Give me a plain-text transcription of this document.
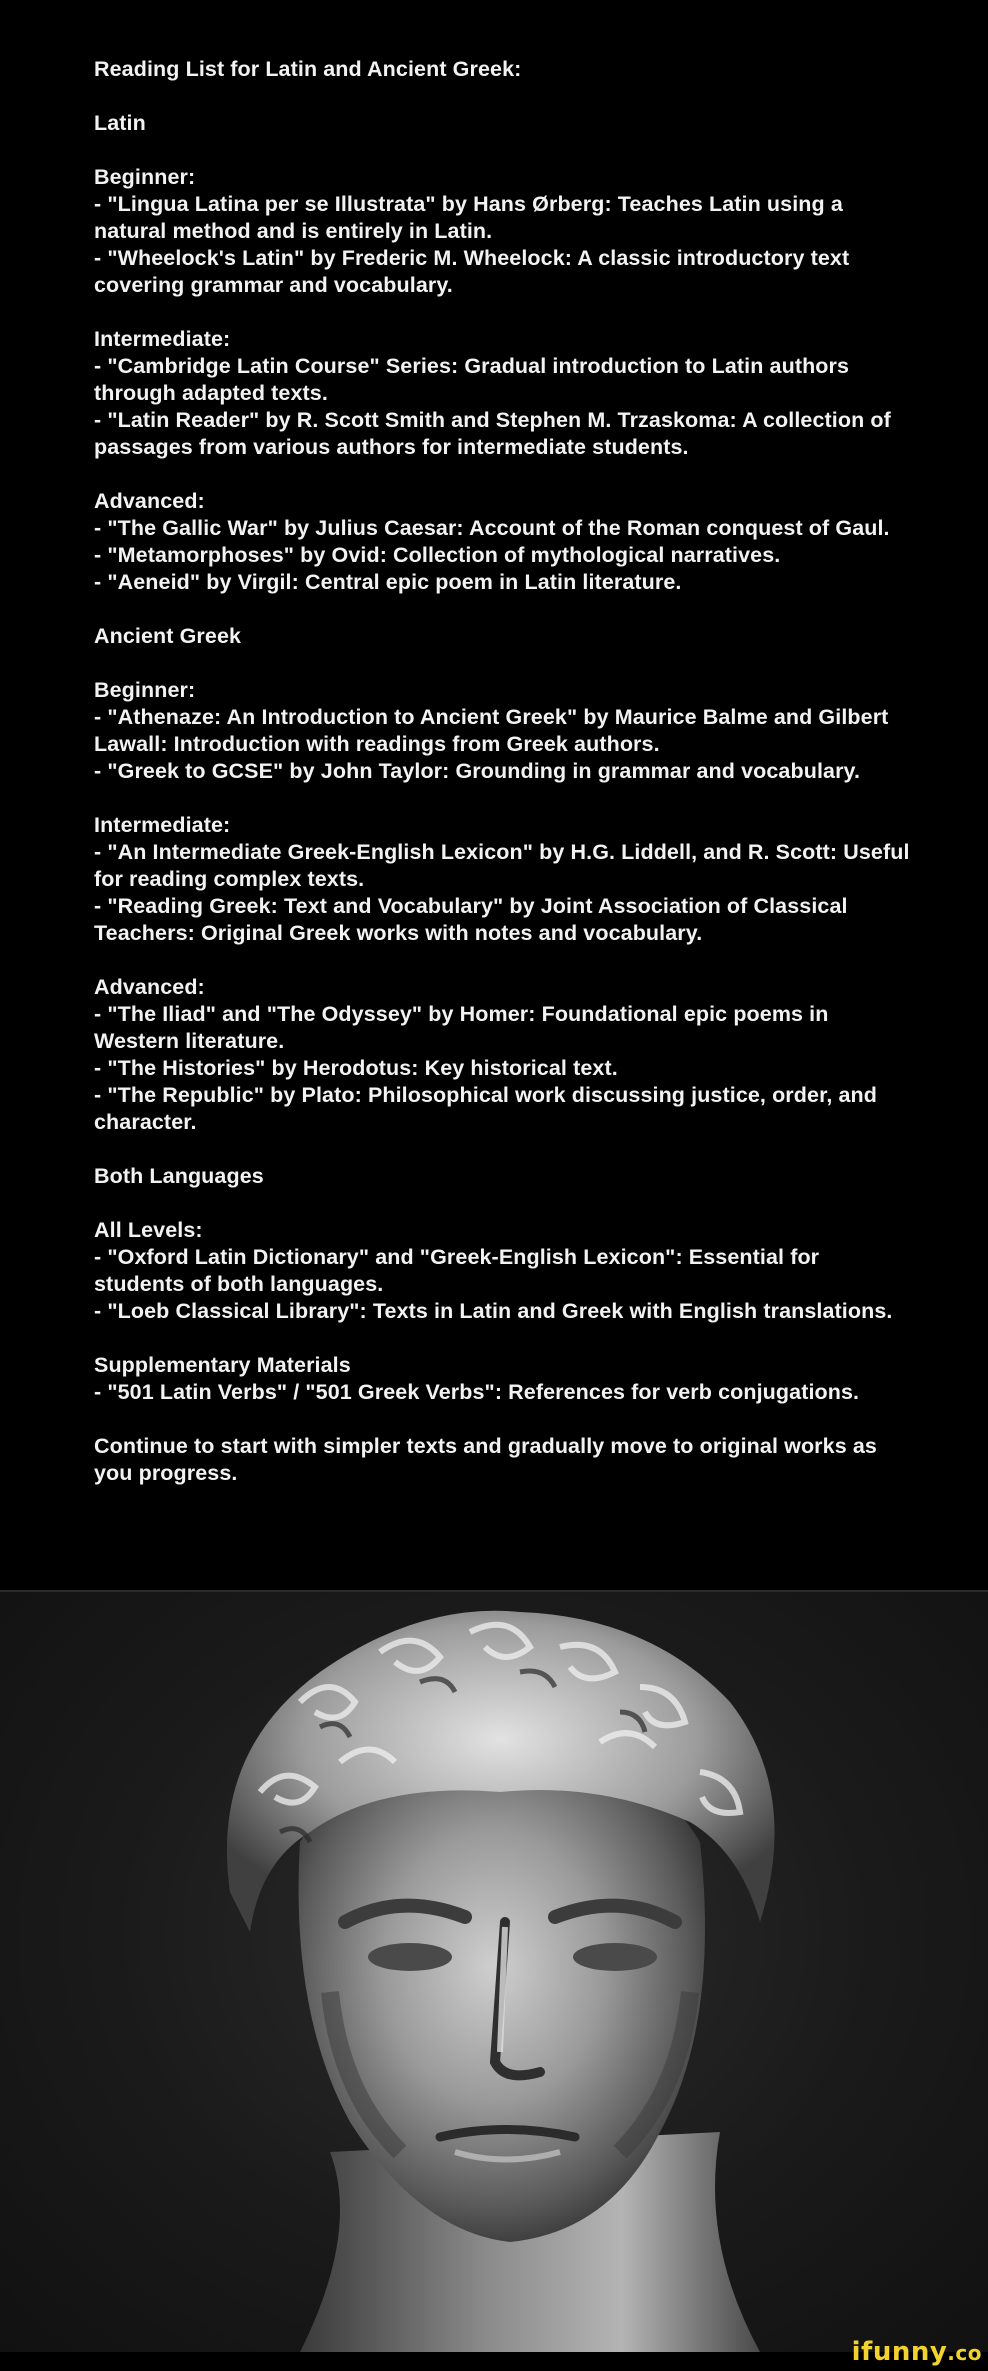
Reading List for Latin and Ancient Greek:
Latin
Beginner:
- "Lingua Latina per se Illustrata" by Hans Ørberg: Teaches Latin using a natural method and is entirely in Latin.
- "Wheelock's Latin" by Frederic M. Wheelock: A classic introductory text covering grammar and vocabulary.
Intermediate:
- "Cambridge Latin Course" Series: Gradual introduction to Latin authors through adapted texts.
- "Latin Reader" by R. Scott Smith and Stephen M. Trzaskoma: A collection of passages from various authors for intermediate students.
Advanced:
- "The Gallic War" by Julius Caesar: Account of the Roman conquest of Gaul.
- "Metamorphoses" by Ovid: Collection of mythological narratives.
- "Aeneid" by Virgil: Central epic poem in Latin literature.
Ancient Greek
Beginner:
- "Athenaze: An Introduction to Ancient Greek" by Maurice Balme and Gilbert Lawall: Introduction with readings from Greek authors.
- "Greek to GCSE" by John Taylor: Grounding in grammar and vocabulary.
Intermediate:
- "An Intermediate Greek-English Lexicon" by H.G. Liddell, and R. Scott: Useful for reading complex texts.
- "Reading Greek: Text and Vocabulary" by Joint Association of Classical Teachers: Original Greek works with notes and vocabulary.
Advanced:
- "The Iliad" and "The Odyssey" by Homer: Foundational epic poems in Western literature.
- "The Histories" by Herodotus: Key historical text.
- "The Republic" by Plato: Philosophical work discussing justice, order, and character.
Both Languages
All Levels:
- "Oxford Latin Dictionary" and "Greek-English Lexicon": Essential for students of both languages.
- "Loeb Classical Library": Texts in Latin and Greek with English translations.
Supplementary Materials
- "501 Latin Verbs" / "501 Greek Verbs": References for verb conjugations.
Continue to start with simpler texts and gradually move to original works as you progress.
ifunny.co
